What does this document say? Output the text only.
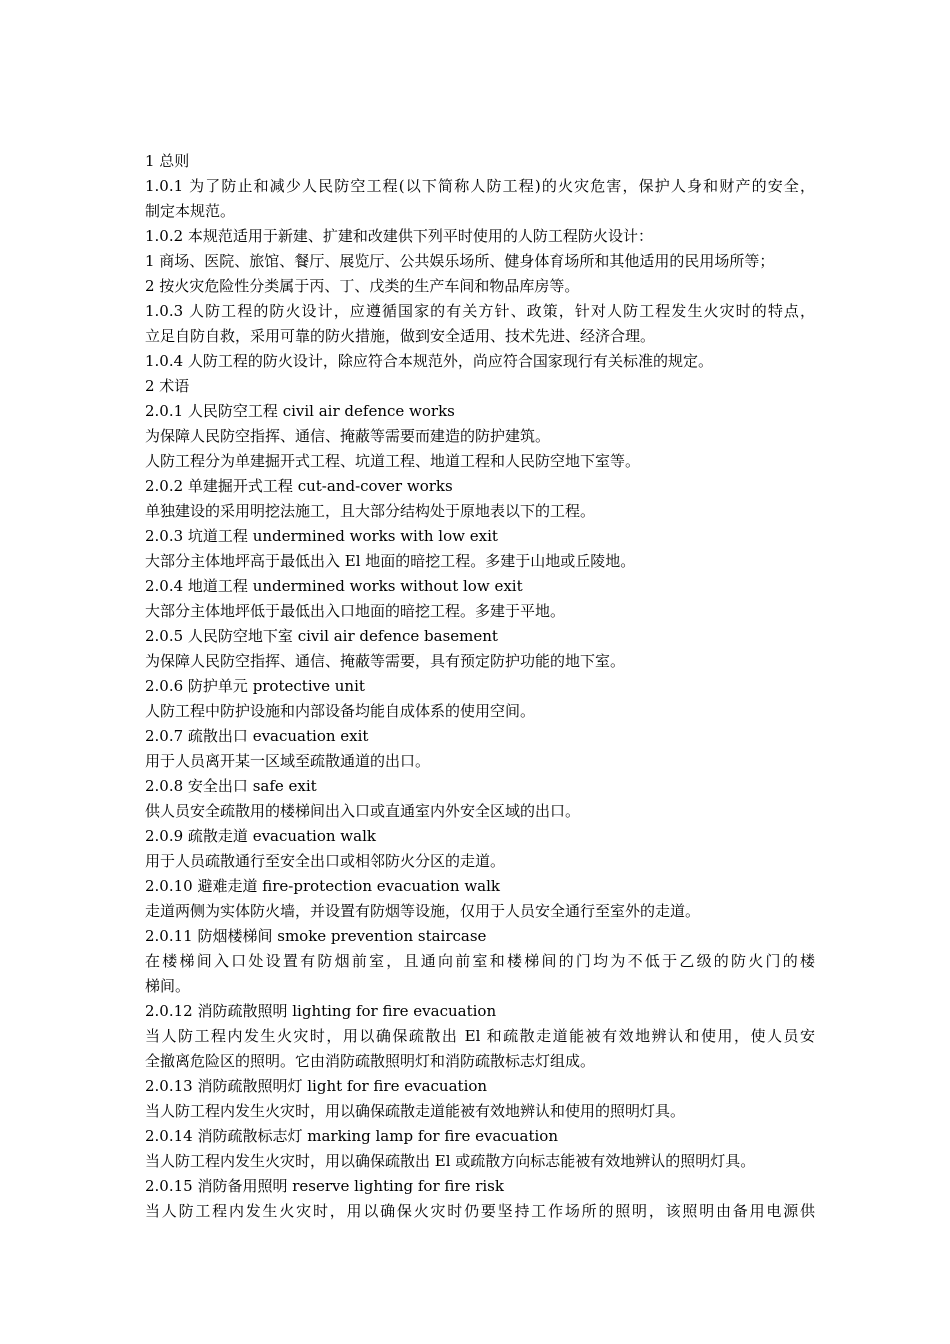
1 总则
1.0.1 为了防止和减少人民防空工程(以下简称人防工程)的火灾危害，保护人身和财产的安全，
制定本规范。
1.0.2 本规范适用于新建、扩建和改建供下列平时使用的人防工程防火设计：
1 商场、医院、旅馆、餐厅、展览厅、公共娱乐场所、健身体育场所和其他适用的民用场所等；
2 按火灾危险性分类属于丙、丁、戊类的生产车间和物品库房等。
1.0.3 人防工程的防火设计，应遵循国家的有关方针、政策，针对人防工程发生火灾时的特点，
立足自防自救，采用可靠的防火措施，做到安全适用、技术先进、经济合理。
1.0.4 人防工程的防火设计，除应符合本规范外，尚应符合国家现行有关标准的规定。
2 术语
2.0.1 人民防空工程 civil air defence works
为保障人民防空指挥、通信、掩蔽等需要而建造的防护建筑。
人防工程分为单建掘开式工程、坑道工程、地道工程和人民防空地下室等。
2.0.2 单建掘开式工程 cut-and-cover works
单独建设的采用明挖法施工，且大部分结构处于原地表以下的工程。
2.0.3 坑道工程 undermined works with low exit
大部分主体地坪高于最低出入 El 地面的暗挖工程。多建于山地或丘陵地。
2.0.4 地道工程 undermined works without low exit
大部分主体地坪低于最低出入口地面的暗挖工程。多建于平地。
2.0.5 人民防空地下室 civil air defence basement
为保障人民防空指挥、通信、掩蔽等需要，具有预定防护功能的地下室。
2.0.6 防护单元 protective unit
人防工程中防护设施和内部设备均能自成体系的使用空间。
2.0.7 疏散出口 evacuation exit
用于人员离开某一区域至疏散通道的出口。
2.0.8 安全出口 safe exit
供人员安全疏散用的楼梯间出入口或直通室内外安全区域的出口。
2.0.9 疏散走道 evacuation walk
用于人员疏散通行至安全出口或相邻防火分区的走道。
2.0.10 避难走道 fire-protection evacuation walk
走道两侧为实体防火墙，并设置有防烟等设施，仅用于人员安全通行至室外的走道。
2.0.11 防烟楼梯间 smoke prevention staircase
在楼梯间入口处设置有防烟前室，且通向前室和楼梯间的门均为不低于乙级的防火门的楼
梯间。
2.0.12 消防疏散照明 lighting for fire evacuation
当人防工程内发生火灾时，用以确保疏散出 El 和疏散走道能被有效地辨认和使用，使人员安
全撤离危险区的照明。它由消防疏散照明灯和消防疏散标志灯组成。
2.0.13 消防疏散照明灯 light for fire evacuation
当人防工程内发生火灾时，用以确保疏散走道能被有效地辨认和使用的照明灯具。
2.0.14 消防疏散标志灯 marking lamp for fire evacuation
当人防工程内发生火灾时，用以确保疏散出 El 或疏散方向标志能被有效地辨认的照明灯具。
2.0.15 消防备用照明 reserve lighting for fire risk
当人防工程内发生火灾时，用以确保火灾时仍要坚持工作场所的照明，该照明由备用电源供
